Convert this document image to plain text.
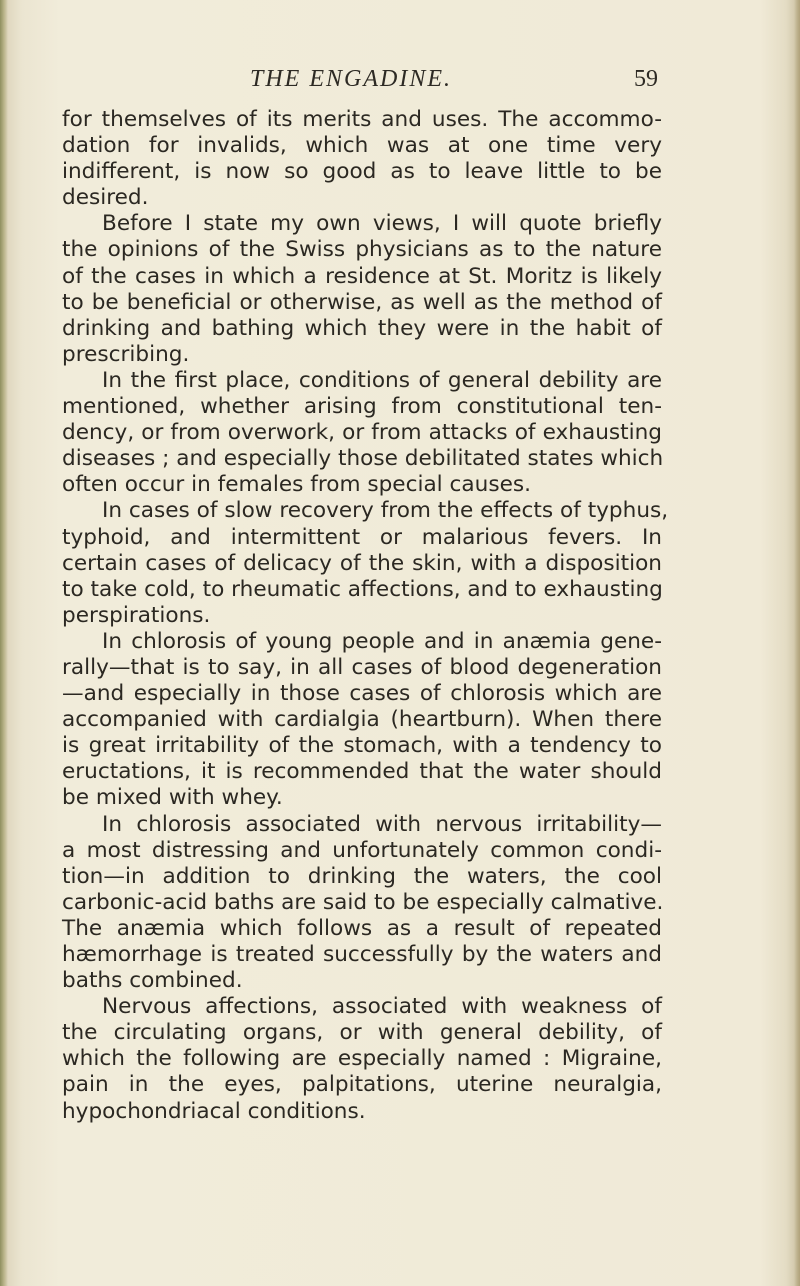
THE ENGADINE.	59
for themselves of its merits and uses. The accommo-
dation for invalids, which was at one time very
indifferent, is now so good as to leave little to be
desired.
Before I state my own views, I will quote briefly
the opinions of the Swiss physicians as to the nature
of the cases in which a residence at St. Moritz is likely
to be beneficial or otherwise, as well as the method of
drinking and bathing which they were in the habit of
prescribing.
In the first place, conditions of general debility are
mentioned, whether arising from constitutional ten-
dency, or from overwork, or from attacks of exhausting
diseases ; and especially those debilitated states which
often occur in females from special causes.
In cases of slow recovery from the effects of typhus,
typhoid, and intermittent or malarious fevers. In
certain cases of delicacy of the skin, with a disposition
to take cold, to rheumatic affections, and to exhausting
perspirations.
In chlorosis of young people and in anæmia gene-
rally—that is to say, in all cases of blood degeneration
—and especially in those cases of chlorosis which are
accompanied with cardialgia (heartburn). When there
is great irritability of the stomach, with a tendency to
eructations, it is recommended that the water should
be mixed with whey.
In chlorosis associated with nervous irritability—
a most distressing and unfortunately common condi-
tion—in addition to drinking the waters, the cool
carbonic-acid baths are said to be especially calmative.
The anæmia which follows as a result of repeated
hæmorrhage is treated successfully by the waters and
baths combined.
Nervous affections, associated with weakness of
the circulating organs, or with general debility, of
which the following are especially named : Migraine,
pain in the eyes, palpitations, uterine neuralgia,
hypochondriacal conditions.
